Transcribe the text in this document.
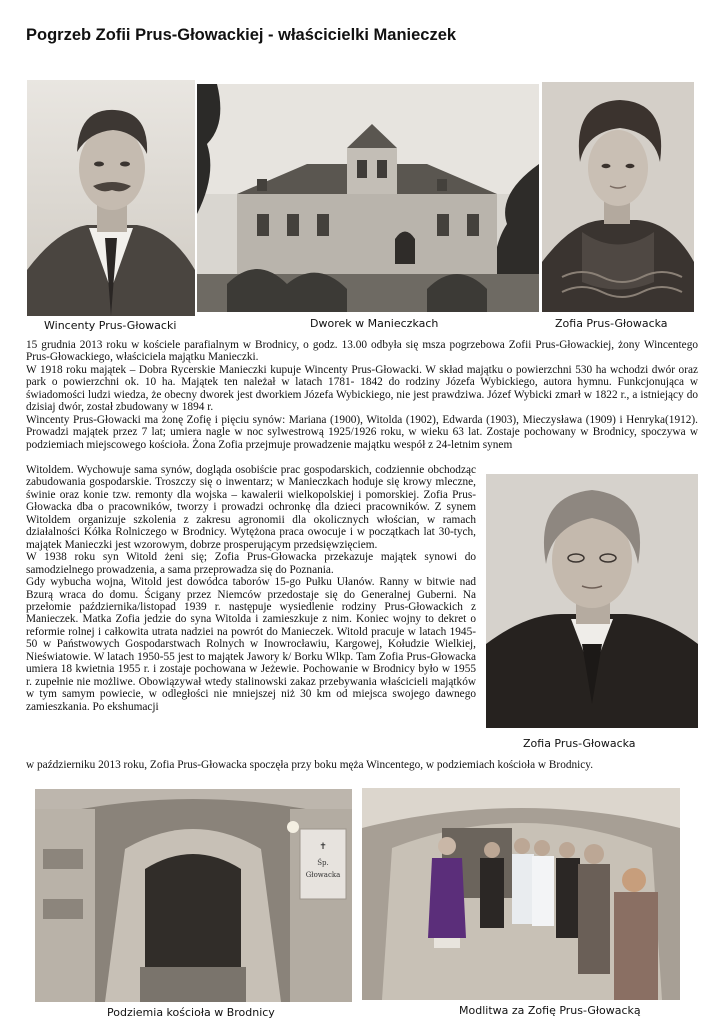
Pogrzeb Zofii Prus-Głowackiej - właścicielki Manieczek
Wincenty Prus-Głowacki	Dworek w Manieczkach	Zofia Prus-Głowacka

15 grudnia 2013 roku w kościele parafialnym w Brodnicy, o godz. 13.00 odbyła się msza pogrzebowa Zofii Prus-Głowackiej, żony Wincentego Prus-Głowackiego, właściciela majątku Manieczki.

W 1918 roku majątek – Dobra Rycerskie Manieczki kupuje Wincenty Prus-Głowacki. W skład majątku o powierzchni 530 ha wchodzi dwór oraz park o powierzchni ok. 10 ha. Majątek ten należał w latach 1781- 1842 do rodziny Józefa Wybickiego, autora hymnu. Funkcjonująca w świadomości ludzi wiedza, że obecny dworek jest dworkiem Józefa Wybickiego, nie jest prawdziwa. Józef Wybicki zmarł w 1822 r., a istniejący do dzisiaj dwór, został zbudowany w 1894 r.

Wincenty Prus-Głowacki ma żonę Zofię i pięciu synów: Mariana (1900), Witolda (1902), Edwarda (1903), Mieczysława (1909) i Henryka(1912). Prowadzi majątek przez 7 lat; umiera nagle w noc sylwestrową 1925/1926 roku, w wieku 63 lat. Zostaje pochowany w Brodnicy, spoczywa w podziemiach miejscowego kościoła. Żona Zofia przejmuje prowadzenie majątku wespół z 24-letnim synem

Witoldem. Wychowuje sama synów, dogląda osobiście prac gospodarskich, codziennie obchodząc zabudowania gospodarskie. Troszczy się o inwentarz; w Manieczkach hoduje się krowy mleczne, świnie oraz konie tzw. remonty dla wojska – kawalerii wielkopolskiej i pomorskiej. Zofia Prus-Głowacka dba o pracowników, tworzy i prowadzi ochronkę dla dzieci pracowników. Z synem Witoldem organizuje szkolenia z zakresu agronomii dla okolicznych włościan, w ramach działalności Kółka Rolniczego w Brodnicy. Wytężona praca owocuje i w początkach lat 30-tych, majątek Manieczki jest wzorowym, dobrze prosperującym przedsięwzięciem.

W 1938 roku syn Witold żeni się; Zofia Prus-Głowacka przekazuje majątek synowi do samodzielnego prowadzenia, a sama przeprowadza się do Poznania.

Gdy wybucha wojna, Witold jest dowódca taborów 15-go Pułku Ułanów. Ranny w bitwie nad Bzurą wraca do domu. Ścigany przez Niemców przedostaje się do Generalnej Guberni. Na przełomie października/listopad 1939 r. następuje wysiedlenie rodziny Prus-Głowackich z Manieczek. Matka Zofia jedzie do syna Witolda i zamieszkuje z nim. Koniec wojny to dekret o reformie rolnej i całkowita utrata nadziei na powrót do Manieczek. Witold pracuje w latach 1945-50 w Państwowych Gospodarstwach Rolnych w Inowrocławiu, Kargowej, Kołudzie Wielkiej, Nieświatowie. W latach 1950-55 jest to majątek Jawory k/ Borku Wlkp. Tam Zofia Prus-Głowacka umiera 18 kwietnia 1955 r. i zostaje pochowana w Jeżewie. Pochowanie w Brodnicy było w 1955 r. zupełnie nie możliwe. Obowiązywał wtedy stalinowski zakaz przebywania właścicieli majątków w tym samym powiecie, w odległości nie mniejszej niż 30 km od miejsca swojego dawnego zamieszkania. Po ekshumacji

w październiku 2013 roku, Zofia Prus-Głowacka spoczęła przy boku męża Wincentego, w podziemiach kościoła w Brodnicy.

Zofia Prus-Głowacka
✝
Śp.
Głowacka
Podziemia kościoła w Brodnicy	Modlitwa za Zofię Prus-Głowacką
